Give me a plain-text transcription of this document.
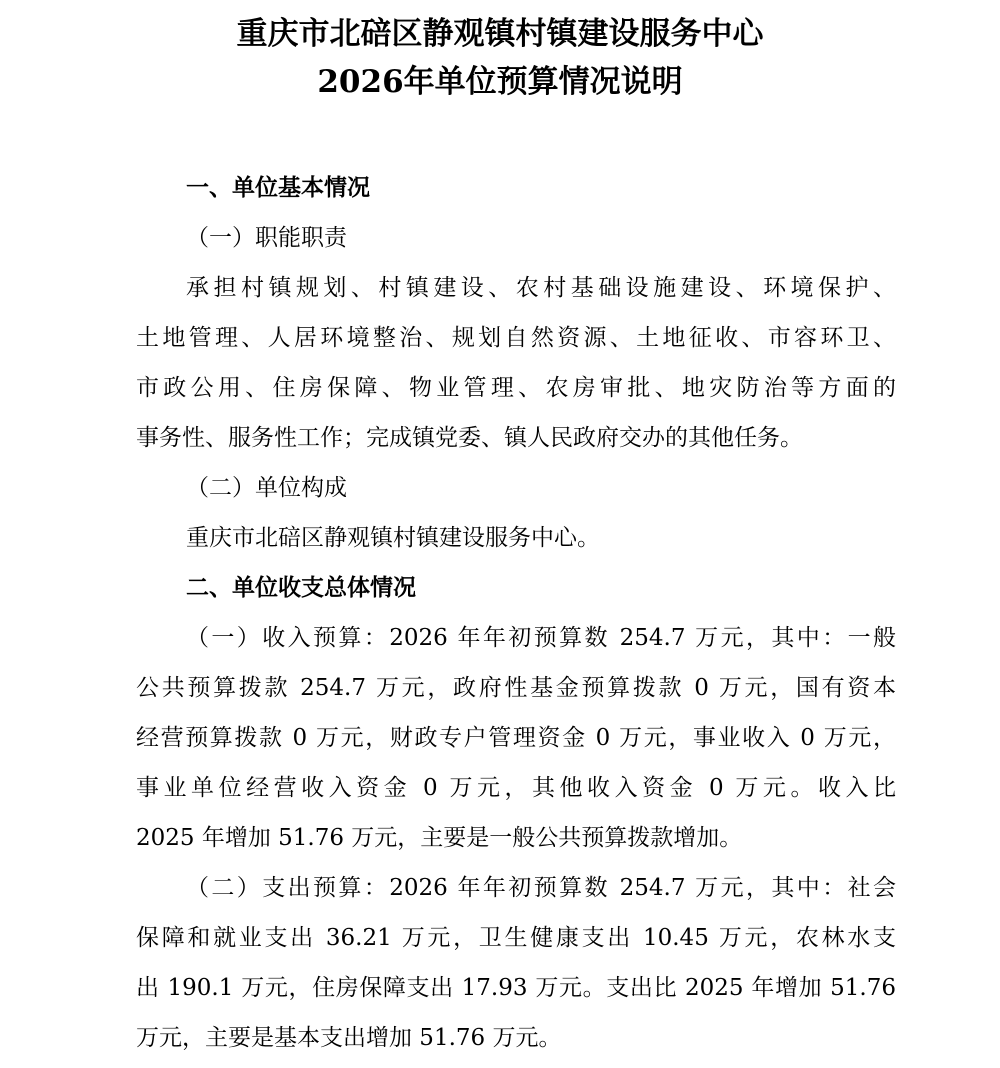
重庆市北碚区静观镇村镇建设服务中心
2026年单位预算情况说明
一、单位基本情况
（一）职能职责
承担村镇规划、村镇建设、农村基础设施建设、环境保护、
土地管理、人居环境整治、规划自然资源、土地征收、市容环卫、
市政公用、住房保障、物业管理、农房审批、地灾防治等方面的
事务性、服务性工作；完成镇党委、镇人民政府交办的其他任务。
（二）单位构成
重庆市北碚区静观镇村镇建设服务中心。
二、单位收支总体情况
（一）收入预算：2026 年年初预算数 254.7 万元，其中：一般
公共预算拨款 254.7 万元，政府性基金预算拨款 0 万元，国有资本
经营预算拨款 0 万元，财政专户管理资金 0 万元，事业收入 0 万元，
事业单位经营收入资金 0 万元，其他收入资金 0 万元。收入比
2025 年增加 51.76 万元，主要是一般公共预算拨款增加。
（二）支出预算：2026 年年初预算数 254.7 万元，其中：社会
保障和就业支出 36.21 万元，卫生健康支出 10.45 万元，农林水支
出 190.1 万元，住房保障支出 17.93 万元。支出比 2025 年增加 51.76
万元，主要是基本支出增加 51.76 万元。
